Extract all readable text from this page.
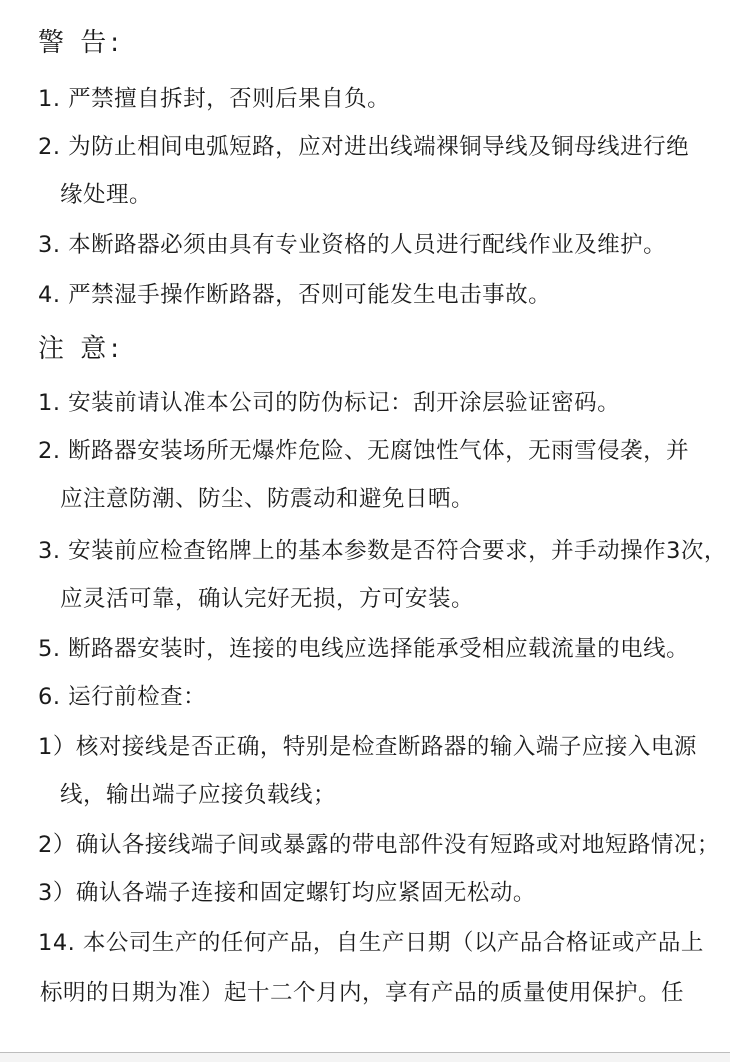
警 告:
1. 严禁擅自拆封，否则后果自负。
2. 为防止相间电弧短路，应对进出线端裸铜导线及铜母线进行绝
缘处理。
3. 本断路器必须由具有专业资格的人员进行配线作业及维护。
4. 严禁湿手操作断路器，否则可能发生电击事故。
注 意:
1. 安装前请认准本公司的防伪标记：刮开涂层验证密码。
2. 断路器安装场所无爆炸危险、无腐蚀性气体，无雨雪侵袭，并
应注意防潮、防尘、防震动和避免日晒。
3. 安装前应检查铭牌上的基本参数是否符合要求，并手动操作3次，
应灵活可靠，确认完好无损，方可安装。
5. 断路器安装时，连接的电线应选择能承受相应载流量的电线。
6. 运行前检查：
1）核对接线是否正确，特别是检查断路器的输入端子应接入电源
线，输出端子应接负载线；
2）确认各接线端子间或暴露的带电部件没有短路或对地短路情况；
3）确认各端子连接和固定螺钉均应紧固无松动。
14. 本公司生产的任何产品，自生产日期（以产品合格证或产品上
标明的日期为准）起十二个月内，享有产品的质量使用保护。任
